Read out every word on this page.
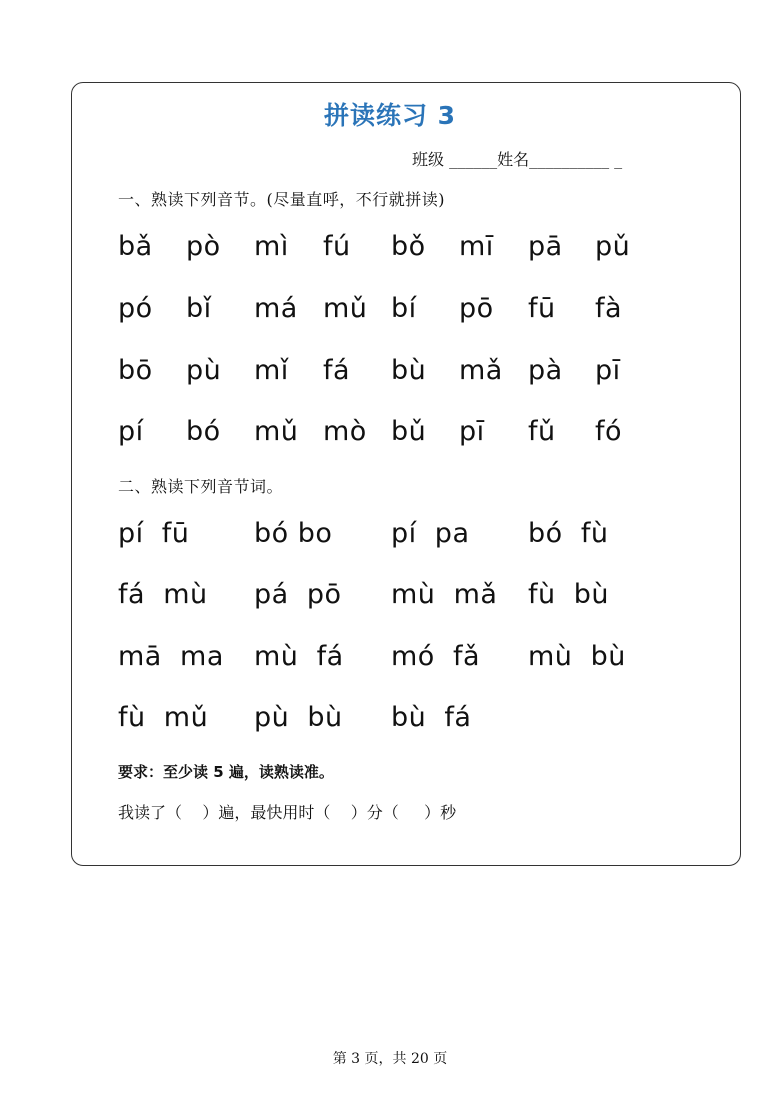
拼读练习 3
班级 ______姓名__________ _
一、熟读下列音节。(尽量直呼，不行就拼读)
bǎ pò mì fú bǒ mī pā pǔ
pó bǐ má mǔ bí pō fū fà
bō pù mǐ fá bù mǎ pà pī
pí bó mǔ mò bǔ pī fǔ fó
二、熟读下列音节词。
pí  fū bó bo pí  pa bó  fù
fá  mù pá  pō mù  mǎ fù  bù
mā  ma mù  fá mó  fǎ mù  bù
fù  mǔ pù  bù bù  fá
要求：至少读 5 遍，读熟读准。
我读了（    ）遍，最快用时（    ）分（     ）秒
第 3 页，共 20 页
